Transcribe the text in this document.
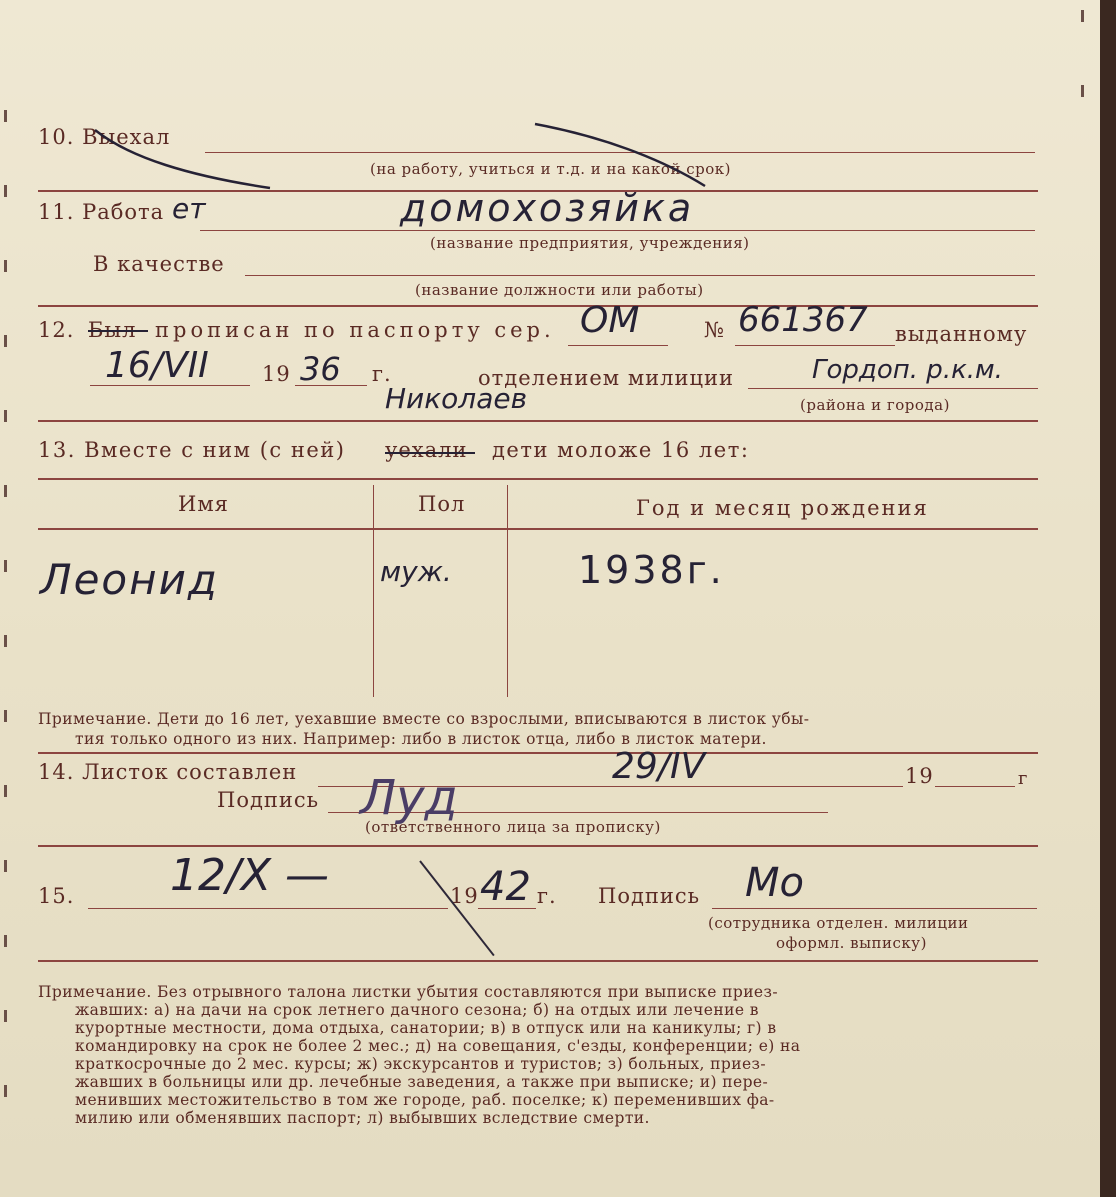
10. Выехал
(на работу, учиться и т.д. и на какой срок)
11. Работа ет	домохозяйка
(название предприятия, учреждения)
В качестве
(название должности или работы)
12. Был прописан по паспорту сер. ОМ	№ 661367 выданному
16/VII	19 36 г.	отделением милиции	Гордоп. р.к.м.
Николаев	(района и города)
13. Вместе с ним (с ней) уехали дети моложе 16 лет:
Имя	Пол	Год и месяц рождения
Леонид	муж.	1938г.
Примечание. Дети до 16 лет, уехавшие вместе со взрослыми, вписываются в листок убы-
тия только одного из них. Например: либо в листок отца, либо в листок матери.
14. Листок составлен	29/IV	19	г
Подпись
(ответственного лица за прописку)
Луд
15. 12/X —	19 42 г. Подпись Мо
(сотрудника отделен. милиции
оформл. выписку)
Примечание. Без отрывного талона листки убытия составляются при выписке приез-
жавших: а) на дачи на срок летнего дачного сезона; б) на отдых или лечение в
курортные местности, дома отдыха, санатории; в) в отпуск или на каникулы; г) в
командировку на срок не более 2 мес.; д) на совещания, с'езды, конференции; е) на
краткосрочные до 2 мес. курсы; ж) экскурсантов и туристов; з) больных, приез-
жавших в больницы или др. лечебные заведения, а также при выписке; и) пере-
менивших местожительство в том же городе, раб. поселке; к) переменивших фа-
милию или обменявших паспорт; л) выбывших вследствие смерти.
